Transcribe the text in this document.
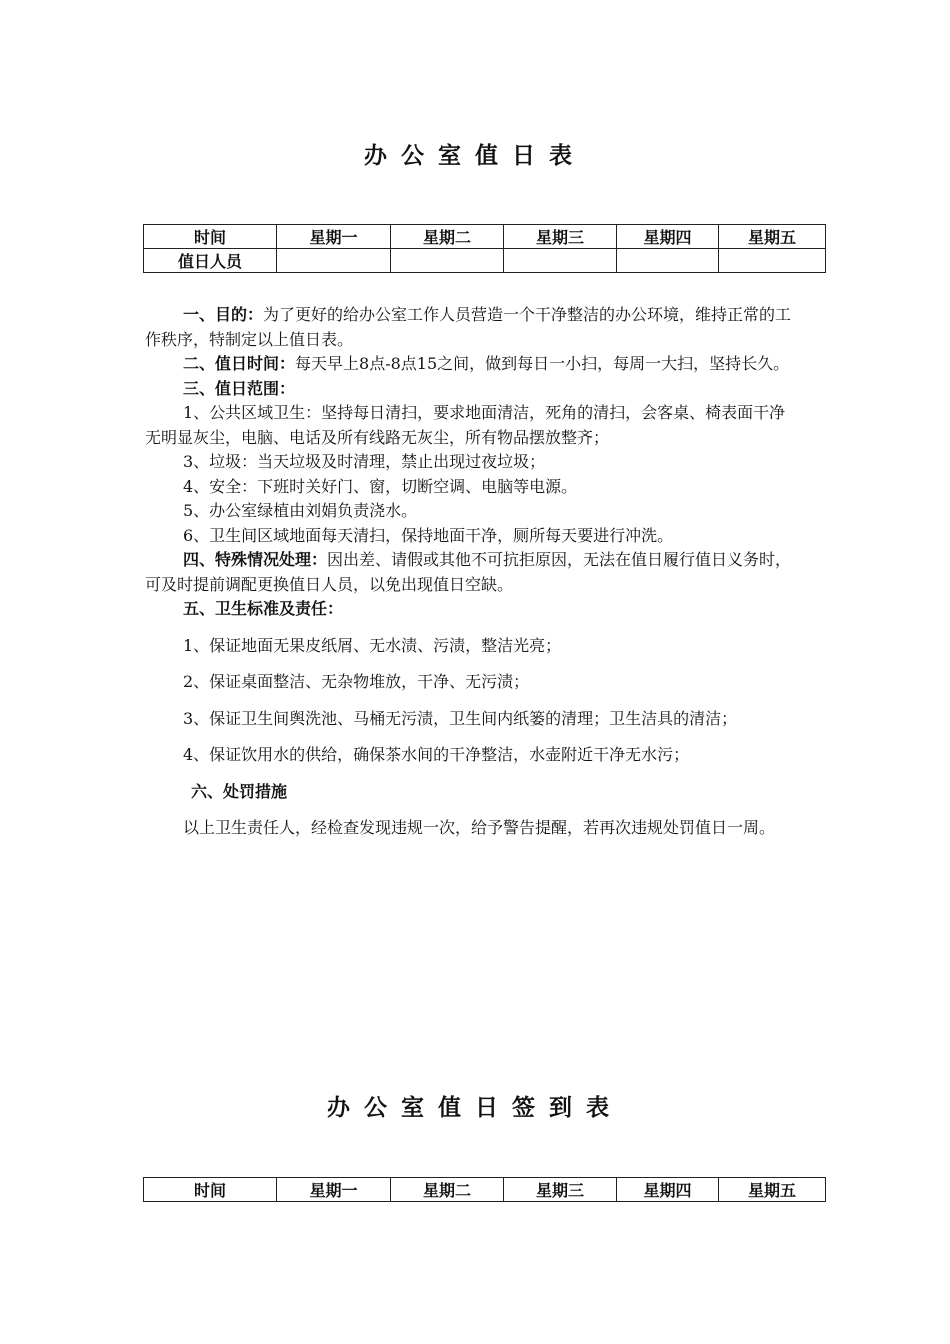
办公室值日表
时间	星期一	星期二	星期三	星期四	星期五
值日人员					

一、目的：为了更好的给办公室工作人员营造一个干净整洁的办公环境，维持正常的工作秩序，特制定以上值日表。

二、值日时间：每天早上8点-8点15之间，做到每日一小扫，每周一大扫，坚持长久。

三、值日范围：

1、公共区域卫生：坚持每日清扫，要求地面清洁，死角的清扫，会客桌、椅表面干净无明显灰尘，电脑、电话及所有线路无灰尘，所有物品摆放整齐；

3、垃圾：当天垃圾及时清理，禁止出现过夜垃圾；

4、安全：下班时关好门、窗，切断空调、电脑等电源。

5、办公室绿植由刘娟负责浇水。

6、卫生间区域地面每天清扫，保持地面干净，厕所每天要进行冲洗。

四、特殊情况处理：因出差、请假或其他不可抗拒原因，无法在值日履行值日义务时，可及时提前调配更换值日人员，以免出现值日空缺。

五、卫生标准及责任：

1、保证地面无果皮纸屑、无水渍、污渍，整洁光亮；

2、保证桌面整洁、无杂物堆放，干净、无污渍；

3、保证卫生间舆洗池、马桶无污渍，卫生间内纸篓的清理；卫生洁具的清洁；

4、保证饮用水的供给，确保茶水间的干净整洁，水壶附近干净无水污；

六、处罚措施

以上卫生责任人，经检查发现违规一次，给予警告提醒，若再次违规处罚值日一周。

办公室值日签到表
时间	星期一	星期二	星期三	星期四	星期五
